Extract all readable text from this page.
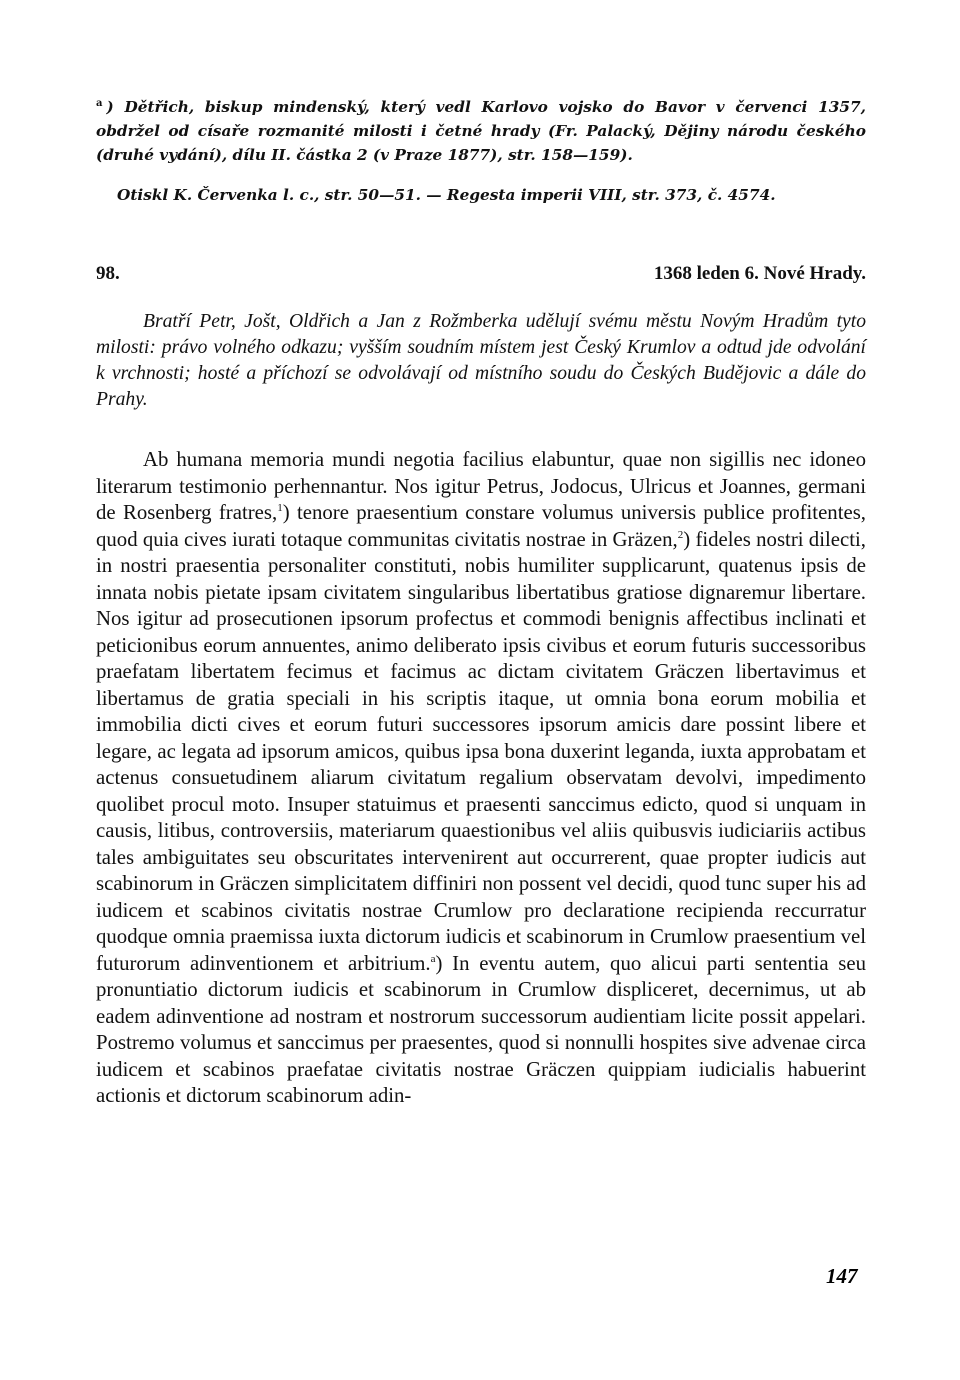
$^a$ ) Dětřich, biskup mindenský, který vedl Karlovo vojsko do Bavor v červenci 1357, obdržel od císaře rozmanité milosti i četné hrady (Fr. Palacký, Dějiny národu českého (druhé vydání), dílu II. částka 2 (v Praze 1877), str. 158—159).

Otiskl K. Červenka l. c., str. 50—51. — Regesta imperii VIII, str. 373, č. 4574.

98.	1368 leden 6. Nové Hrady.

Bratří Petr, Jošt, Oldřich a Jan z Rožmberka udělují svému městu Novým Hradům tyto milosti: právo volného odkazu; vyšším soudním místem jest Český Krumlov a odtud jde odvolání k vrchnosti; hosté a příchozí se odvolávají od místního soudu do Českých Budějovic a dále do Prahy.

Ab humana memoria mundi negotia facilius elabuntur, quae non sigillis nec idoneo literarum testimonio perhennantur. Nos igitur Petrus, Jodocus, Ulricus et Joannes, germani de Rosenberg fratres,$^1$) tenore praesentium constare volumus universis publice profitentes, quod quia cives iurati totaque communitas civitatis nostrae in Gräzen,$^2$) fideles nostri dilecti, in nostri praesentia personaliter constituti, nobis humiliter supplicarunt, quatenus ipsis de innata nobis pietate ipsam civitatem singularibus libertatibus gratiose dignaremur libertare. Nos igitur ad prosecutionen ipsorum profectus et commodi benignis affectibus inclinati et peticionibus eorum annuentes, animo deliberato ipsis civibus et eorum futuris successoribus praefatam libertatem fecimus et facimus ac dictam civitatem Gräczen libertavimus et libertamus de gratia speciali in his scriptis itaque, ut omnia bona eorum mobilia et immobilia dicti cives et eorum futuri successores ipsorum amicis dare possint libere et legare, ac legata ad ipsorum amicos, quibus ipsa bona duxerint leganda, iuxta approbatam et actenus consuetudinem aliarum civitatum regalium observatam devolvi, impedimento quolibet procul moto. Insuper statuimus et praesenti sanccimus edicto, quod si unquam in causis, litibus, controversiis, materiarum quaestionibus vel aliis quibusvis iudiciariis actibus tales ambiguitates seu obscuritates intervenirent aut occurrerent, quae propter iudicis aut scabinorum in Gräczen simplicitatem diffiniri non possent vel decidi, quod tunc super his ad iudicem et scabinos civitatis nostrae Crumlow pro declaratione recipienda reccurratur quodque omnia praemissa iuxta dictorum iudicis et scabinorum in Crumlow praesentium vel futurorum adinventionem et arbitrium.$^a$) In eventu autem, quo alicui parti sententia seu pronuntiatio dictorum iudicis et scabinorum in Crumlow displiceret, decernimus, ut ab eadem adinventione ad nostram et nostrorum successorum audientiam licite possit appelari. Postremo volumus et sanccimus per praesentes, quod si nonnulli hospites sive advenae circa iudicem et scabinos praefatae civitatis nostrae Gräczen quippiam iudicialis habuerint actionis et dictorum scabinorum adin-

147
